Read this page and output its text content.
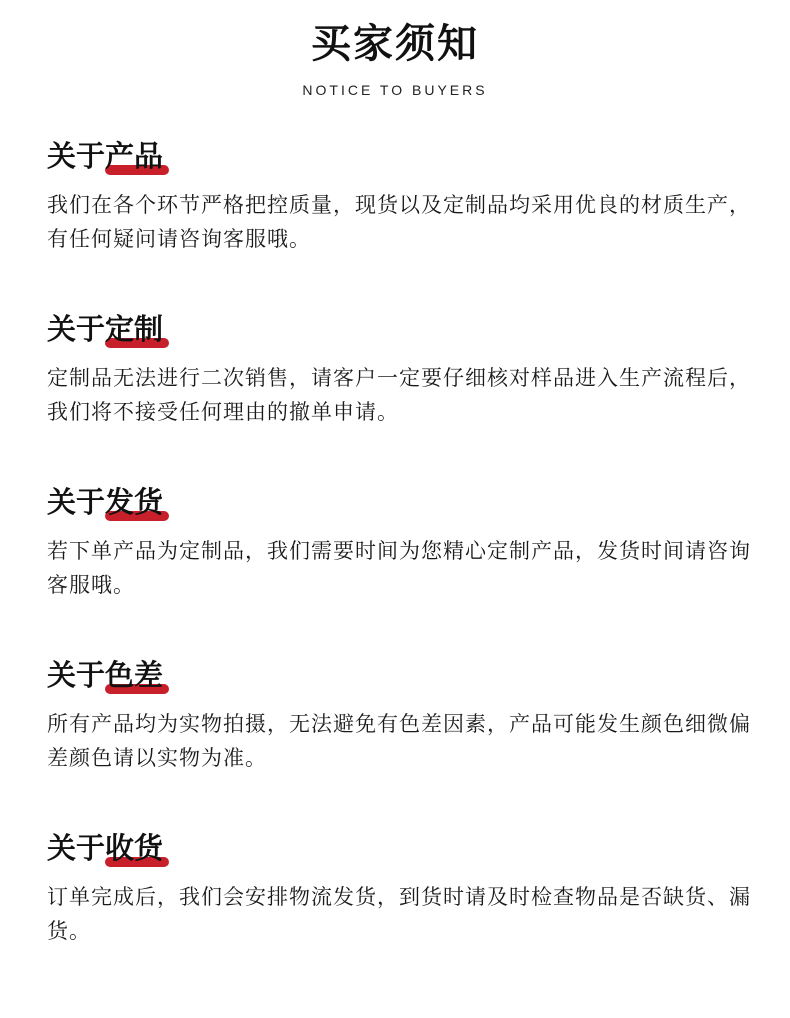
买家须知
NOTICE TO BUYERS
关于
产品
我们在各个环节严格把控质量，现货以及定制品均采用优良的材质生产，有任何疑问请咨询客服哦。
关于
定制
定制品无法进行二次销售，请客户一定要仔细核对样品进入生产流程后，我们将不接受任何理由的撤单申请。
关于
发货
若下单产品为定制品，我们需要时间为您精心定制产品，发货时间请咨询客服哦。
关于
色差
所有产品均为实物拍摄，无法避免有色差因素，产品可能发生颜色细微偏差颜色请以实物为准。
关于
收货
订单完成后，我们会安排物流发货，到货时请及时检查物品是否缺货、漏货。
